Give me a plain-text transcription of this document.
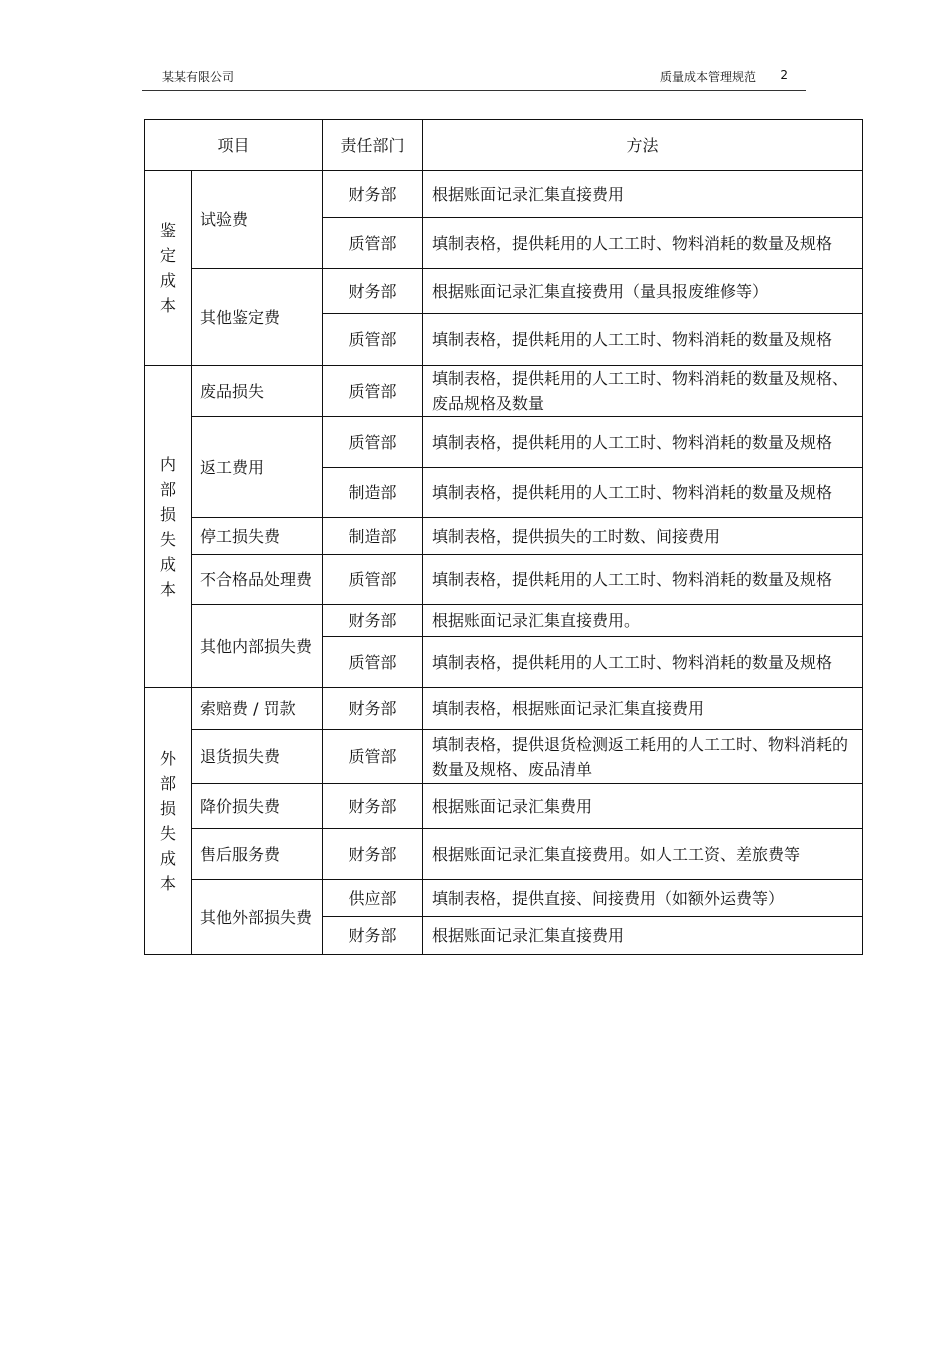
某某有限公司	质量成本管理规范 2
项目		责任部门	方法
鉴定成本	试验费	财务部	根据账面记录汇集直接费用
		质管部	填制表格，提供耗用的人工工时、物料消耗的数量及规格
	其他鉴定费	财务部	根据账面记录汇集直接费用（量具报废维修等）
		质管部	填制表格，提供耗用的人工工时、物料消耗的数量及规格
内部损失成本	废品损失	质管部	填制表格，提供耗用的人工工时、物料消耗的数量及规格、废品规格及数量
	返工费用	质管部	填制表格，提供耗用的人工工时、物料消耗的数量及规格
		制造部	填制表格，提供耗用的人工工时、物料消耗的数量及规格
	停工损失费	制造部	填制表格，提供损失的工时数、间接费用
	不合格品处理费	质管部	填制表格，提供耗用的人工工时、物料消耗的数量及规格
	其他内部损失费	财务部	根据账面记录汇集直接费用。
		质管部	填制表格，提供耗用的人工工时、物料消耗的数量及规格
外部损失成本	索赔费 / 罚款	财务部	填制表格，根据账面记录汇集直接费用
	退货损失费	质管部	填制表格，提供退货检测返工耗用的人工工时、物料消耗的数量及规格、废品清单
	降价损失费	财务部	根据账面记录汇集费用
	售后服务费	财务部	根据账面记录汇集直接费用。如人工工资、差旅费等
	其他外部损失费	供应部	填制表格，提供直接、间接费用（如额外运费等）
		财务部	根据账面记录汇集直接费用
